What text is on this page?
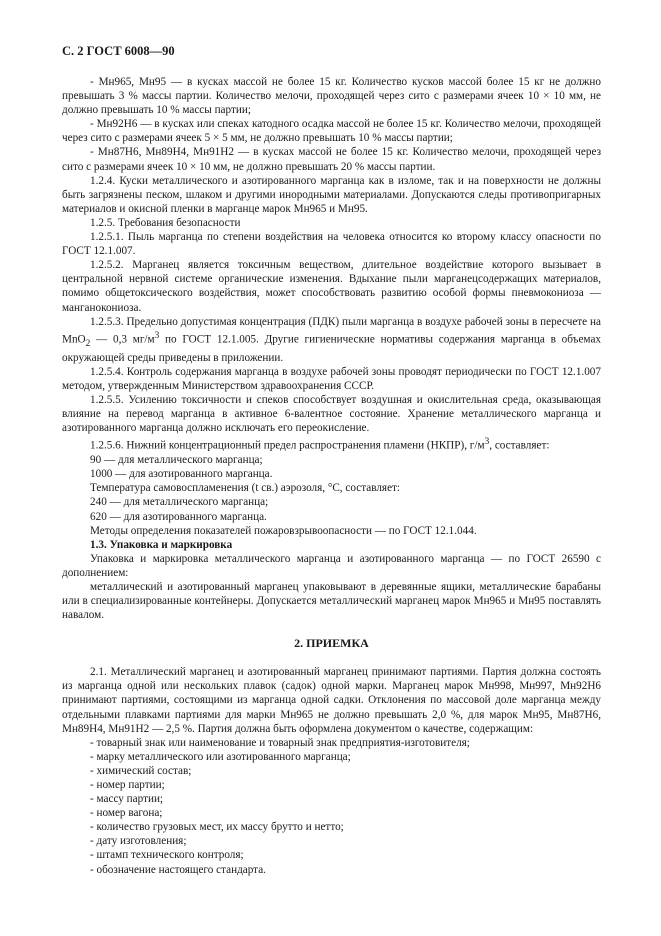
С. 2 ГОСТ 6008—90

- Мн965, Мн95 — в кусках массой не более 15 кг. Количество кусков массой более 15 кг не должно превышать 3 % массы партии. Количество мелочи, проходящей через сито с размерами ячеек 10 × 10 мм, не должно превышать 10 % массы партии;

- Мн92Н6 — в кусках или спеках катодного осадка массой не более 15 кг. Количество мелочи, проходящей через сито с размерами ячеек 5 × 5 мм, не должно превышать 10 % массы партии;

- Мн87Н6, Мн89Н4, Мн91Н2 — в кусках массой не более 15 кг. Количество мелочи, проходящей через сито с размерами ячеек 10 × 10 мм, не должно превышать 20 % массы партии.

1.2.4. Куски металлического и азотированного марганца как в изломе, так и на поверхности не должны быть загрязнены песком, шлаком и другими инородными материалами. Допускаются следы противопригарных материалов и окисной пленки в марганце марок Мн965 и Мн95.

1.2.5. Требования безопасности

1.2.5.1. Пыль марганца по степени воздействия на человека относится ко второму классу опасности по ГОСТ 12.1.007.

1.2.5.2. Марганец является токсичным веществом, длительное воздействие которого вызывает в центральной нервной системе органические изменения. Вдыхание пыли марганецсодержащих материалов, помимо общетоксического воздействия, может способствовать развитию особой формы пневмокониоза — манганокониоза.

1.2.5.3. Предельно допустимая концентрация (ПДК) пыли марганца в воздухе рабочей зоны в пересчете на MnO$_2$ — 0,3 $мг/м^3$ по ГОСТ 12.1.005. Другие гигиенические нормативы содержания марганца в объемах окружающей среды приведены в приложении.

1.2.5.4. Контроль содержания марганца в воздухе рабочей зоны проводят периодически по ГОСТ 12.1.007 методом, утвержденным Министерством здравоохранения СССР.

1.2.5.5. Усилению токсичности и спеков способствует воздушная и окислительная среда, оказывающая влияние на перевод марганца в активное 6-валентное состояние. Хранение металлического марганца и азотированного марганца должно исключать его переокисление.

1.2.5.6. Нижний концентрационный предел распространения пламени (НКПР), $г/м^3$, составляет:

90 — для металлического марганца;

1000 — для азотированного марганца.

Температура самовоспламенения (t св.) аэрозоля, °С, составляет:

240 — для металлического марганца;

620 — для азотированного марганца.

Методы определения показателей пожаровзрывоопасности — по ГОСТ 12.1.044.

1.3. Упаковка и маркировка

Упаковка и маркировка металлического марганца и азотированного марганца — по ГОСТ 26590 с дополнением:

металлический и азотированный марганец упаковывают в деревянные ящики, металлические барабаны или в специализированные контейнеры. Допускается металлический марганец марок Мн965 и Мн95 поставлять навалом.

2. ПРИЕМКА

2.1. Металлический марганец и азотированный марганец принимают партиями. Партия должна состоять из марганца одной или нескольких плавок (садок) одной марки. Марганец марок Мн998, Мн997, Мн92Н6 принимают партиями, состоящими из марганца одной садки. Отклонения по массовой доле марганца между отдельными плавками партиями для марки Мн965 не должно превышать 2,0 %, для марок Мн95, Мн87Н6, Мн89Н4, Мн91Н2 — 2,5 %. Партия должна быть оформлена документом о качестве, содержащим:

- товарный знак или наименование и товарный знак предприятия-изготовителя;
- марку металлического или азотированного марганца;
- химический состав;
- номер партии;
- массу партии;
- номер вагона;
- количество грузовых мест, их массу брутто и нетто;
- дату изготовления;
- штамп технического контроля;
- обозначение настоящего стандарта.
